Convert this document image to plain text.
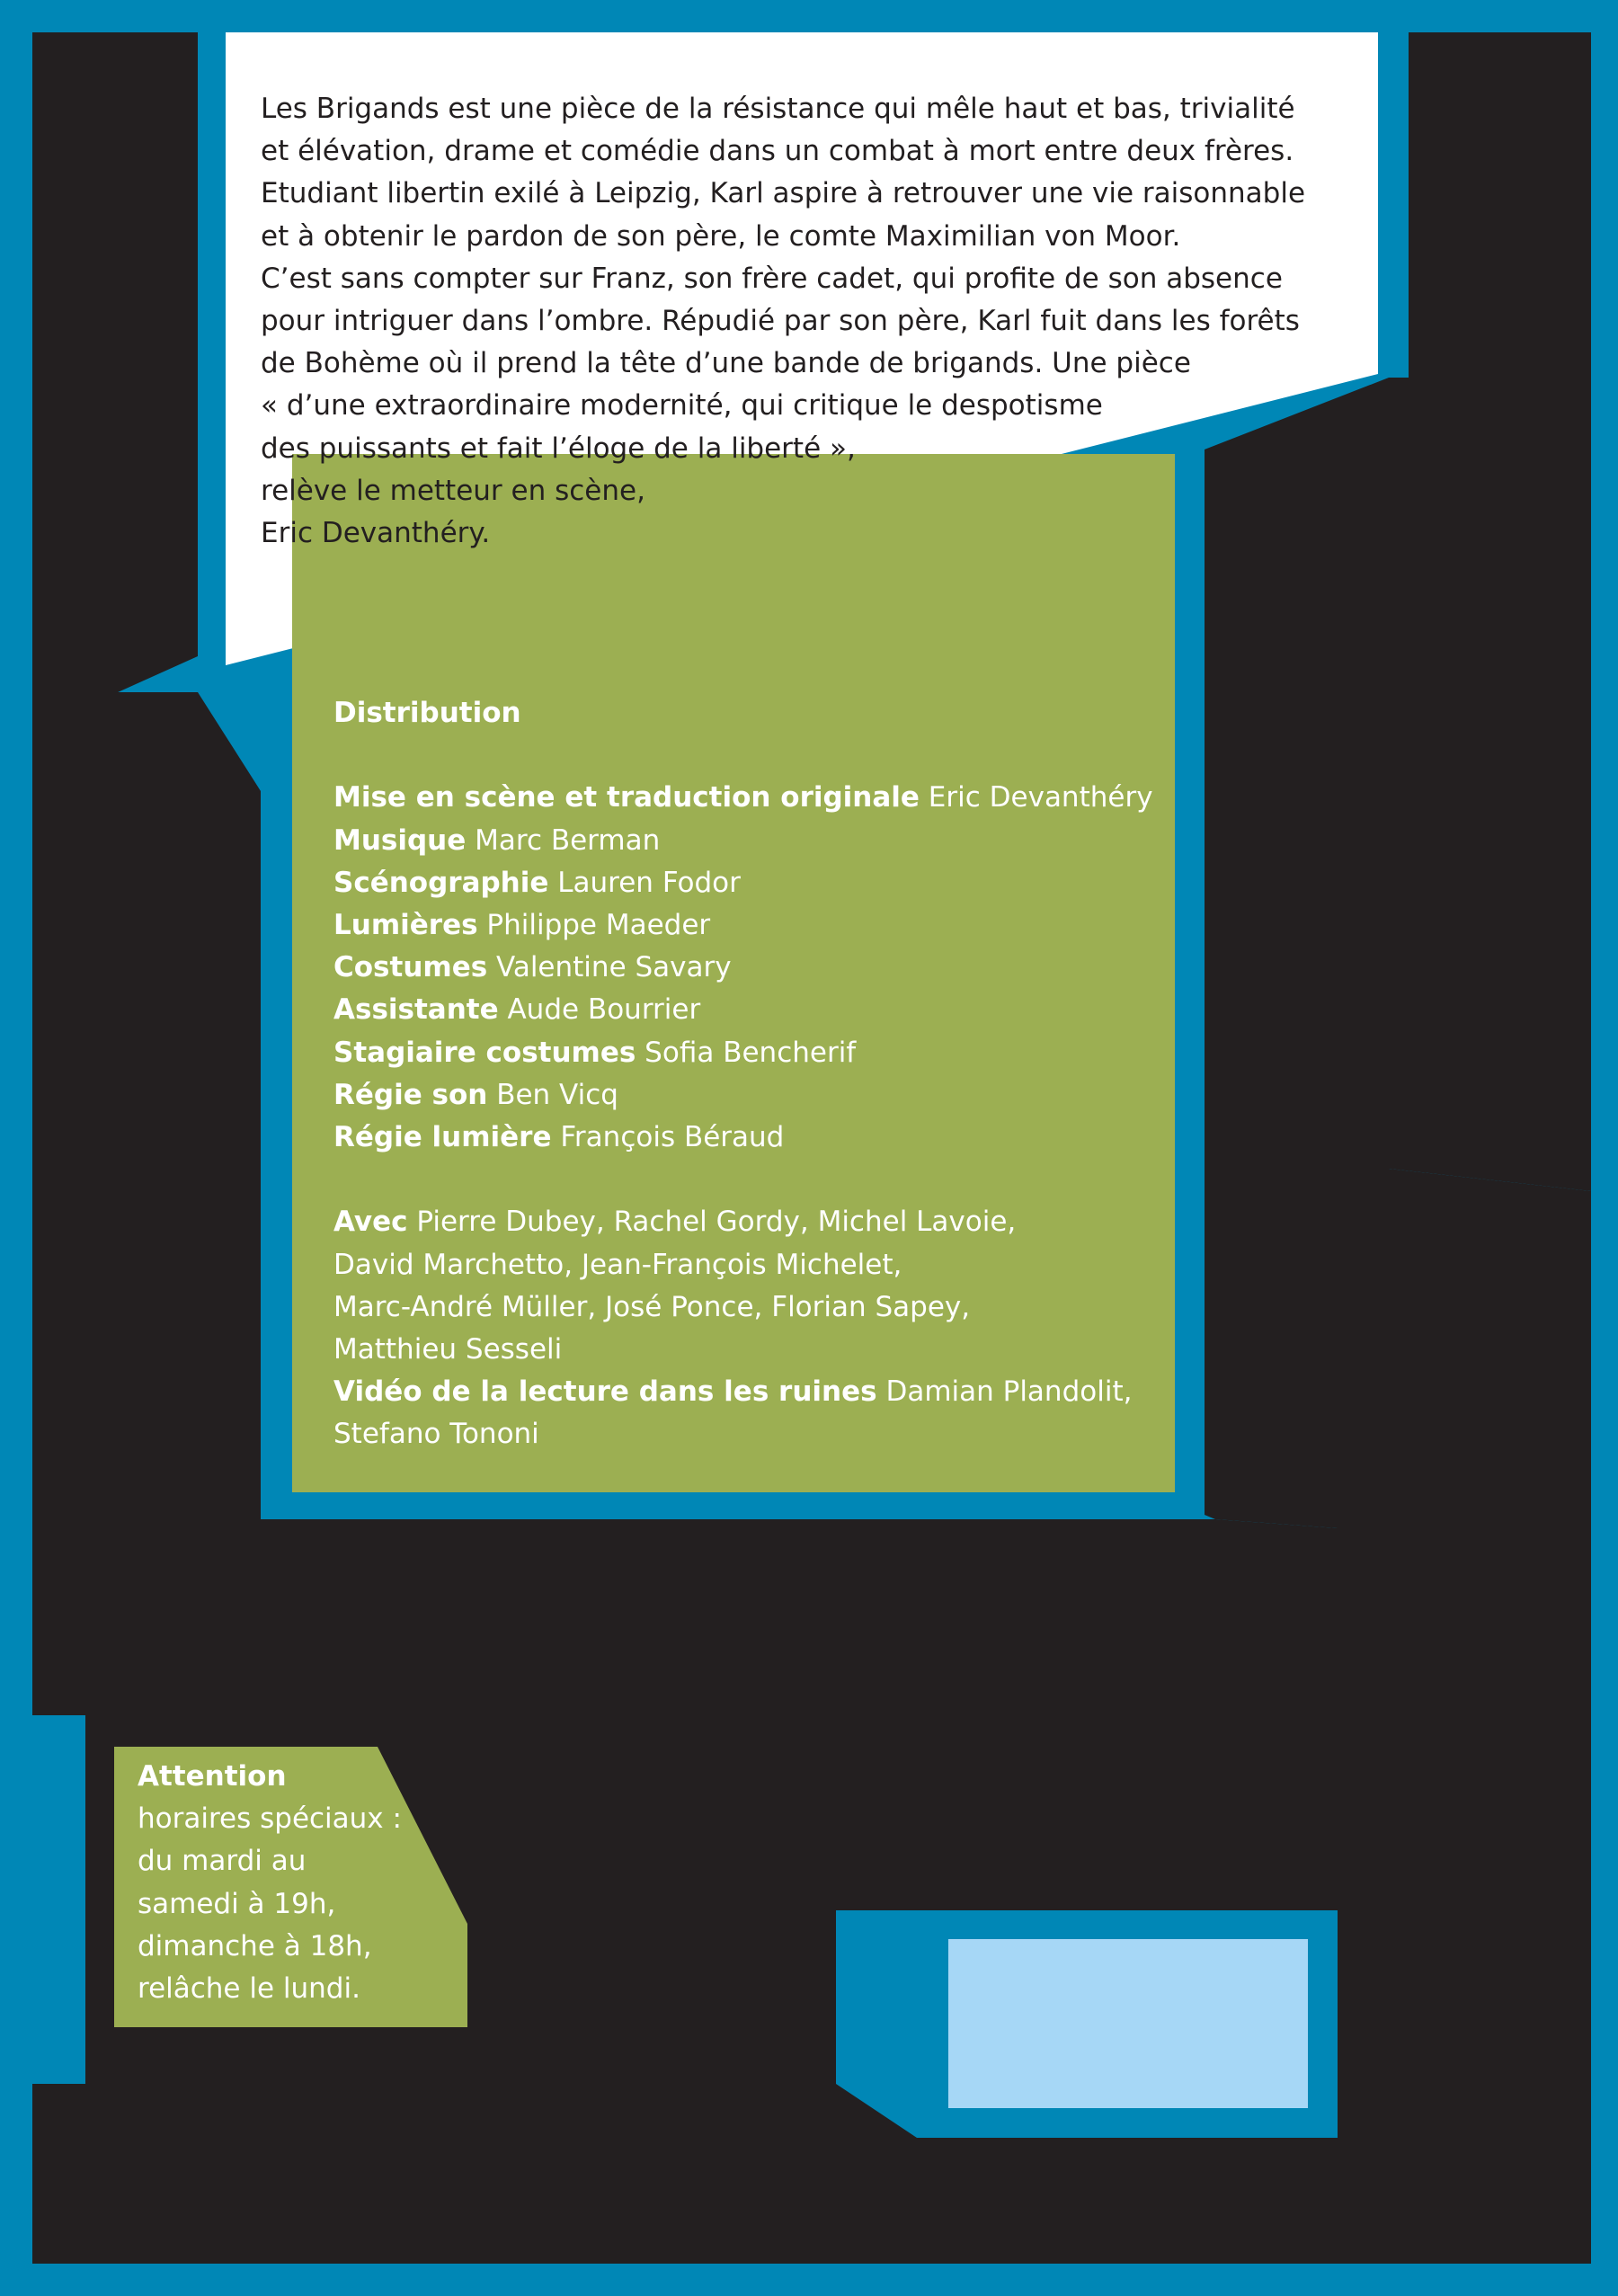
Les Brigands est une pièce de la résistance qui mêle haut et bas, trivialité
et élévation, drame et comédie dans un combat à mort entre deux frères.
Etudiant libertin exilé à Leipzig, Karl aspire à retrouver une vie raisonnable
et à obtenir le pardon de son père, le comte Maximilian von Moor.
C’est sans compter sur Franz, son frère cadet, qui profite de son absence
pour intriguer dans l’ombre. Répudié par son père, Karl fuit dans les forêts
de Bohème où il prend la tête d’une bande de brigands. Une pièce
« d’une extraordinaire modernité, qui critique le despotisme
des puissants et fait l’éloge de la liberté »,
relève le metteur en scène,
Eric Devanthéry.
Distribution
Mise en scène et traduction originale Eric Devanthéry
Musique Marc Berman
Scénographie Lauren Fodor
Lumières Philippe Maeder
Costumes Valentine Savary
Assistante Aude Bourrier
Stagiaire costumes Sofia Bencherif
Régie son Ben Vicq
Régie lumière François Béraud
Avec Pierre Dubey, Rachel Gordy, Michel Lavoie,
David Marchetto, Jean-François Michelet,
Marc-André Müller, José Ponce, Florian Sapey,
Matthieu Sesseli
Vidéo de la lecture dans les ruines Damian Plandolit,
Stefano Tononi
Attention
horaires spéciaux :
du mardi au
samedi à 19h,
dimanche à 18h,
relâche le lundi.
